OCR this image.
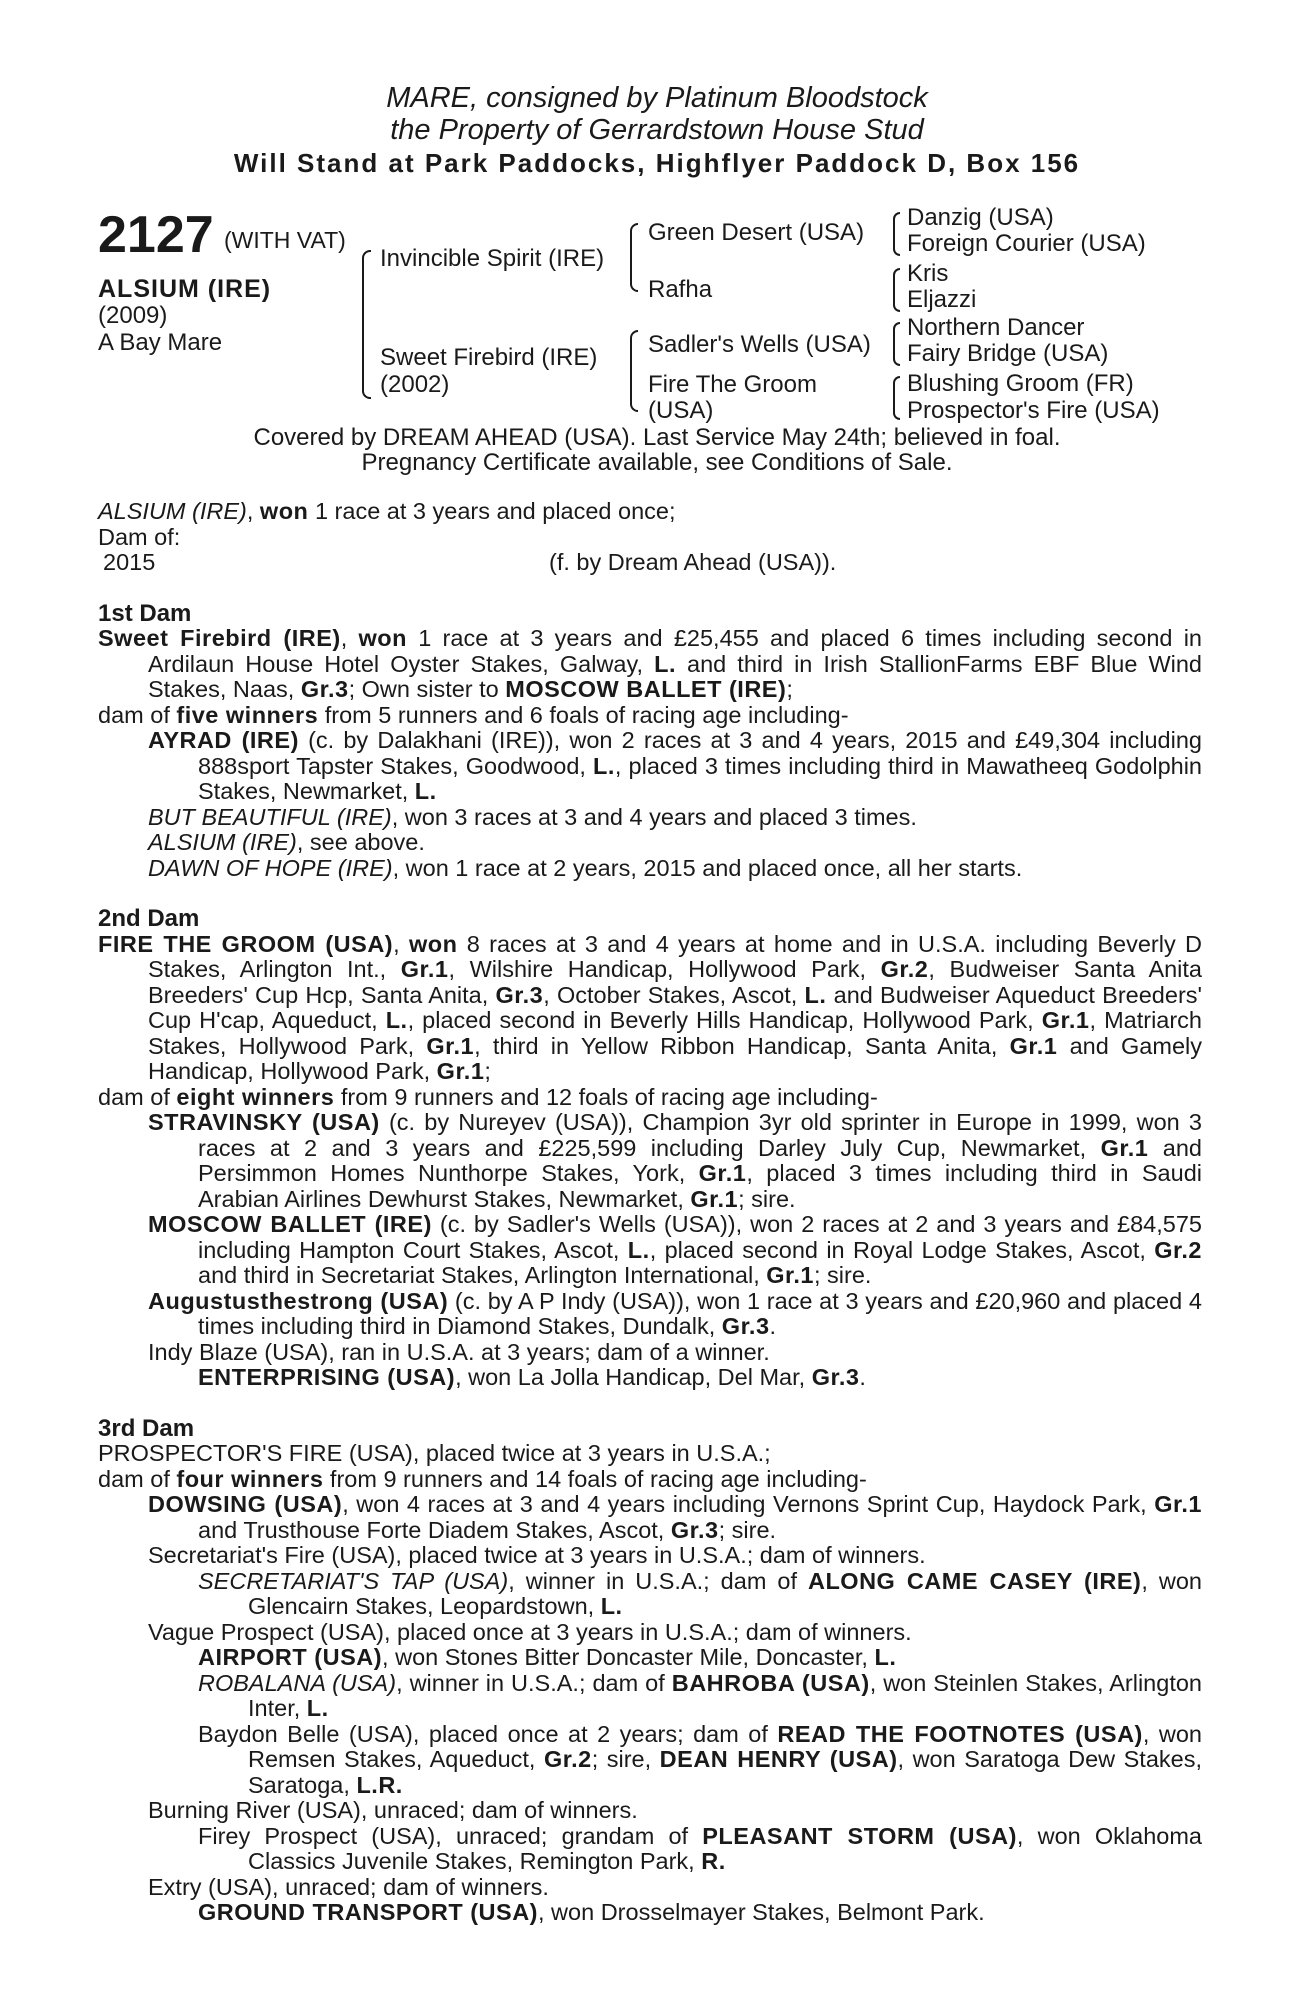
MARE, consigned by Platinum Bloodstock
the Property of Gerrardstown House Stud
Will Stand at Park Paddocks, Highflyer Paddock D, Box 156
2127 (WITH VAT)
ALSIUM (IRE)
(2009)
A Bay Mare
Invincible Spirit (IRE)
Sweet Firebird (IRE)
(2002)
Green Desert (USA)
Rafha
Sadler's Wells (USA)
Fire The Groom
(USA)
Danzig (USA)
Foreign Courier (USA)
Kris
Eljazzi
Northern Dancer
Fairy Bridge (USA)
Blushing Groom (FR)
Prospector's Fire (USA)
Covered by DREAM AHEAD (USA). Last Service May 24th; believed in foal.
Pregnancy Certificate available, see Conditions of Sale.

ALSIUM (IRE), won 1 race at 3 years and placed once;

Dam of:

2015	(f. by Dream Ahead (USA)).

1st Dam

Sweet Firebird (IRE), won 1 race at 3 years and £25,455 and placed 6 times including second in Ardilaun House Hotel Oyster Stakes, Galway, L. and third in Irish StallionFarms EBF Blue Wind Stakes, Naas, Gr.3; Own sister to MOSCOW BALLET (IRE);

dam of five winners from 5 runners and 6 foals of racing age including-

AYRAD (IRE) (c. by Dalakhani (IRE)), won 2 races at 3 and 4 years, 2015 and £49,304 including 888sport Tapster Stakes, Goodwood, L., placed 3 times including third in Mawatheeq Godolphin Stakes, Newmarket, L.

BUT BEAUTIFUL (IRE), won 3 races at 3 and 4 years and placed 3 times.

ALSIUM (IRE), see above.

DAWN OF HOPE (IRE), won 1 race at 2 years, 2015 and placed once, all her starts.

2nd Dam

FIRE THE GROOM (USA), won 8 races at 3 and 4 years at home and in U.S.A. including Beverly D Stakes, Arlington Int., Gr.1, Wilshire Handicap, Hollywood Park, Gr.2, Budweiser Santa Anita Breeders' Cup Hcp, Santa Anita, Gr.3, October Stakes, Ascot, L. and Budweiser Aqueduct Breeders' Cup H'cap, Aqueduct, L., placed second in Beverly Hills Handicap, Hollywood Park, Gr.1, Matriarch Stakes, Hollywood Park, Gr.1, third in Yellow Ribbon Handicap, Santa Anita, Gr.1 and Gamely Handicap, Hollywood Park, Gr.1;

dam of eight winners from 9 runners and 12 foals of racing age including-

STRAVINSKY (USA) (c. by Nureyev (USA)), Champion 3yr old sprinter in Europe in 1999, won 3 races at 2 and 3 years and £225,599 including Darley July Cup, Newmarket, Gr.1 and Persimmon Homes Nunthorpe Stakes, York, Gr.1, placed 3 times including third in Saudi Arabian Airlines Dewhurst Stakes, Newmarket, Gr.1; sire.

MOSCOW BALLET (IRE) (c. by Sadler's Wells (USA)), won 2 races at 2 and 3 years and £84,575 including Hampton Court Stakes, Ascot, L., placed second in Royal Lodge Stakes, Ascot, Gr.2 and third in Secretariat Stakes, Arlington International, Gr.1; sire.

Augustusthestrong (USA) (c. by A P Indy (USA)), won 1 race at 3 years and £20,960 and placed 4 times including third in Diamond Stakes, Dundalk, Gr.3.

Indy Blaze (USA), ran in U.S.A. at 3 years; dam of a winner.

ENTERPRISING (USA), won La Jolla Handicap, Del Mar, Gr.3.

3rd Dam

PROSPECTOR'S FIRE (USA), placed twice at 3 years in U.S.A.;

dam of four winners from 9 runners and 14 foals of racing age including-

DOWSING (USA), won 4 races at 3 and 4 years including Vernons Sprint Cup, Haydock Park, Gr.1 and Trusthouse Forte Diadem Stakes, Ascot, Gr.3; sire.

Secretariat's Fire (USA), placed twice at 3 years in U.S.A.; dam of winners.

SECRETARIAT'S TAP (USA), winner in U.S.A.; dam of ALONG CAME CASEY (IRE), won Glencairn Stakes, Leopardstown, L.

Vague Prospect (USA), placed once at 3 years in U.S.A.; dam of winners.

AIRPORT (USA), won Stones Bitter Doncaster Mile, Doncaster, L.

ROBALANA (USA), winner in U.S.A.; dam of BAHROBA (USA), won Steinlen Stakes, Arlington Inter, L.

Baydon Belle (USA), placed once at 2 years; dam of READ THE FOOTNOTES (USA), won Remsen Stakes, Aqueduct, Gr.2; sire, DEAN HENRY (USA), won Saratoga Dew Stakes, Saratoga, L.R.

Burning River (USA), unraced; dam of winners.

Firey Prospect (USA), unraced; grandam of PLEASANT STORM (USA), won Oklahoma Classics Juvenile Stakes, Remington Park, R.

Extry (USA), unraced; dam of winners.

GROUND TRANSPORT (USA), won Drosselmayer Stakes, Belmont Park.
